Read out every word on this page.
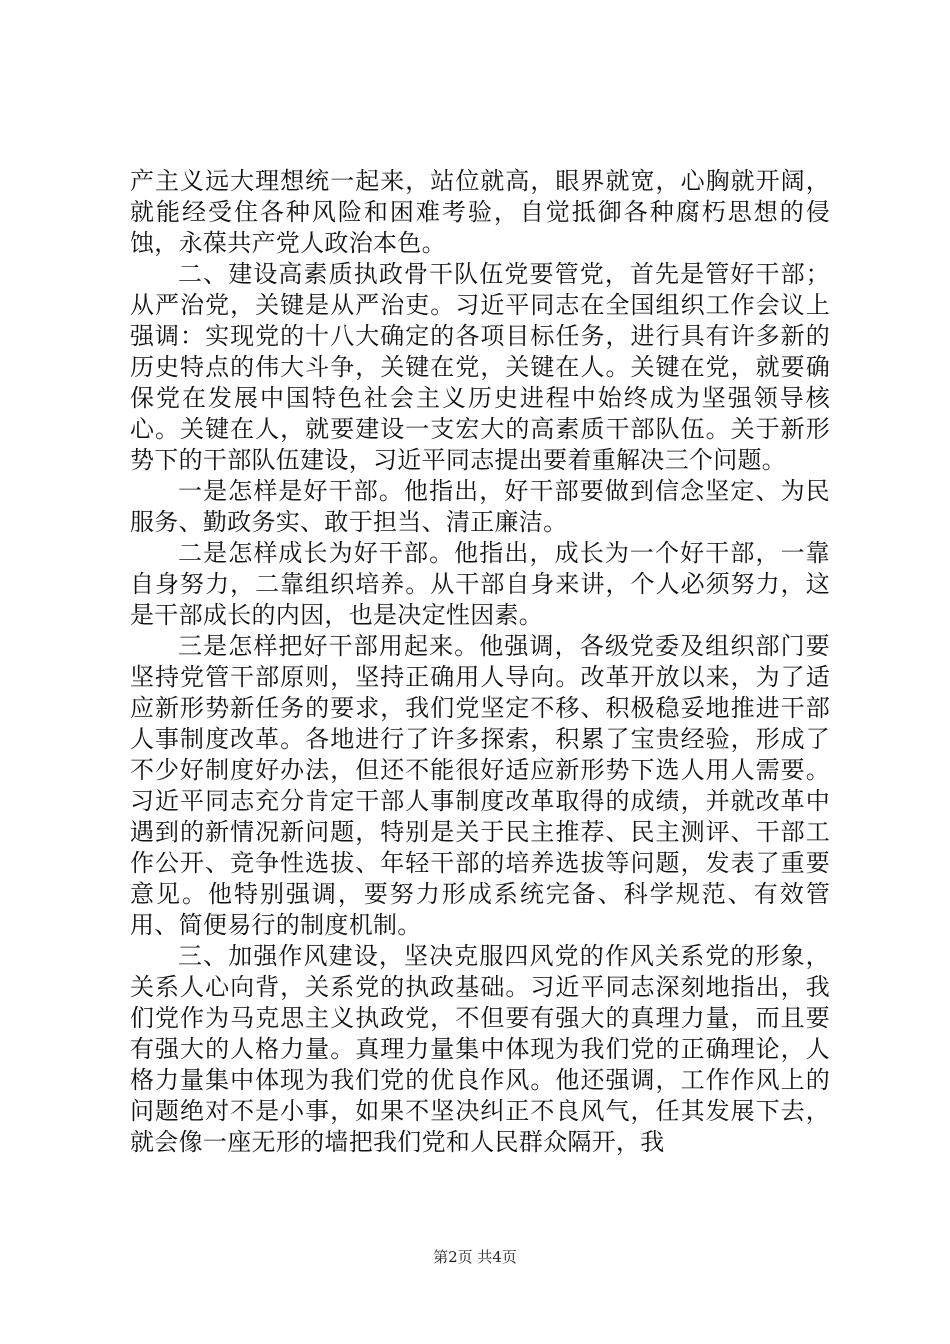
产主义远大理想统一起来，站位就高，眼界就宽，心胸就开阔，就能经受住各种风险和困难考验，自觉抵御各种腐朽思想的侵蚀，永葆共产党人政治本色。

二、建设高素质执政骨干队伍党要管党，首先是管好干部；从严治党，关键是从严治吏。习近平同志在全国组织工作会议上强调：实现党的十八大确定的各项目标任务，进行具有许多新的历史特点的伟大斗争，关键在党，关键在人。关键在党，就要确保党在发展中国特色社会主义历史进程中始终成为坚强领导核心。关键在人，就要建设一支宏大的高素质干部队伍。关于新形势下的干部队伍建设，习近平同志提出要着重解决三个问题。

一是怎样是好干部。他指出，好干部要做到信念坚定、为民服务、勤政务实、敢于担当、清正廉洁。

二是怎样成长为好干部。他指出，成长为一个好干部，一靠自身努力，二靠组织培养。从干部自身来讲，个人必须努力，这是干部成长的内因，也是决定性因素。

三是怎样把好干部用起来。他强调，各级党委及组织部门要坚持党管干部原则，坚持正确用人导向。改革开放以来，为了适应新形势新任务的要求，我们党坚定不移、积极稳妥地推进干部人事制度改革。各地进行了许多探索，积累了宝贵经验，形成了不少好制度好办法，但还不能很好适应新形势下选人用人需要。习近平同志充分肯定干部人事制度改革取得的成绩，并就改革中遇到的新情况新问题，特别是关于民主推荐、民主测评、干部工作公开、竞争性选拔、年轻干部的培养选拔等问题，发表了重要意见。他特别强调，要努力形成系统完备、科学规范、有效管用、简便易行的制度机制。

三、加强作风建设，坚决克服四风党的作风关系党的形象，关系人心向背，关系党的执政基础。习近平同志深刻地指出，我们党作为马克思主义执政党，不但要有强大的真理力量，而且要有强大的人格力量。真理力量集中体现为我们党的正确理论，人格力量集中体现为我们党的优良作风。他还强调，工作作风上的问题绝对不是小事，如果不坚决纠正不良风气，任其发展下去，就会像一座无形的墙把我们党和人民群众隔开，我

第2页 共4页
